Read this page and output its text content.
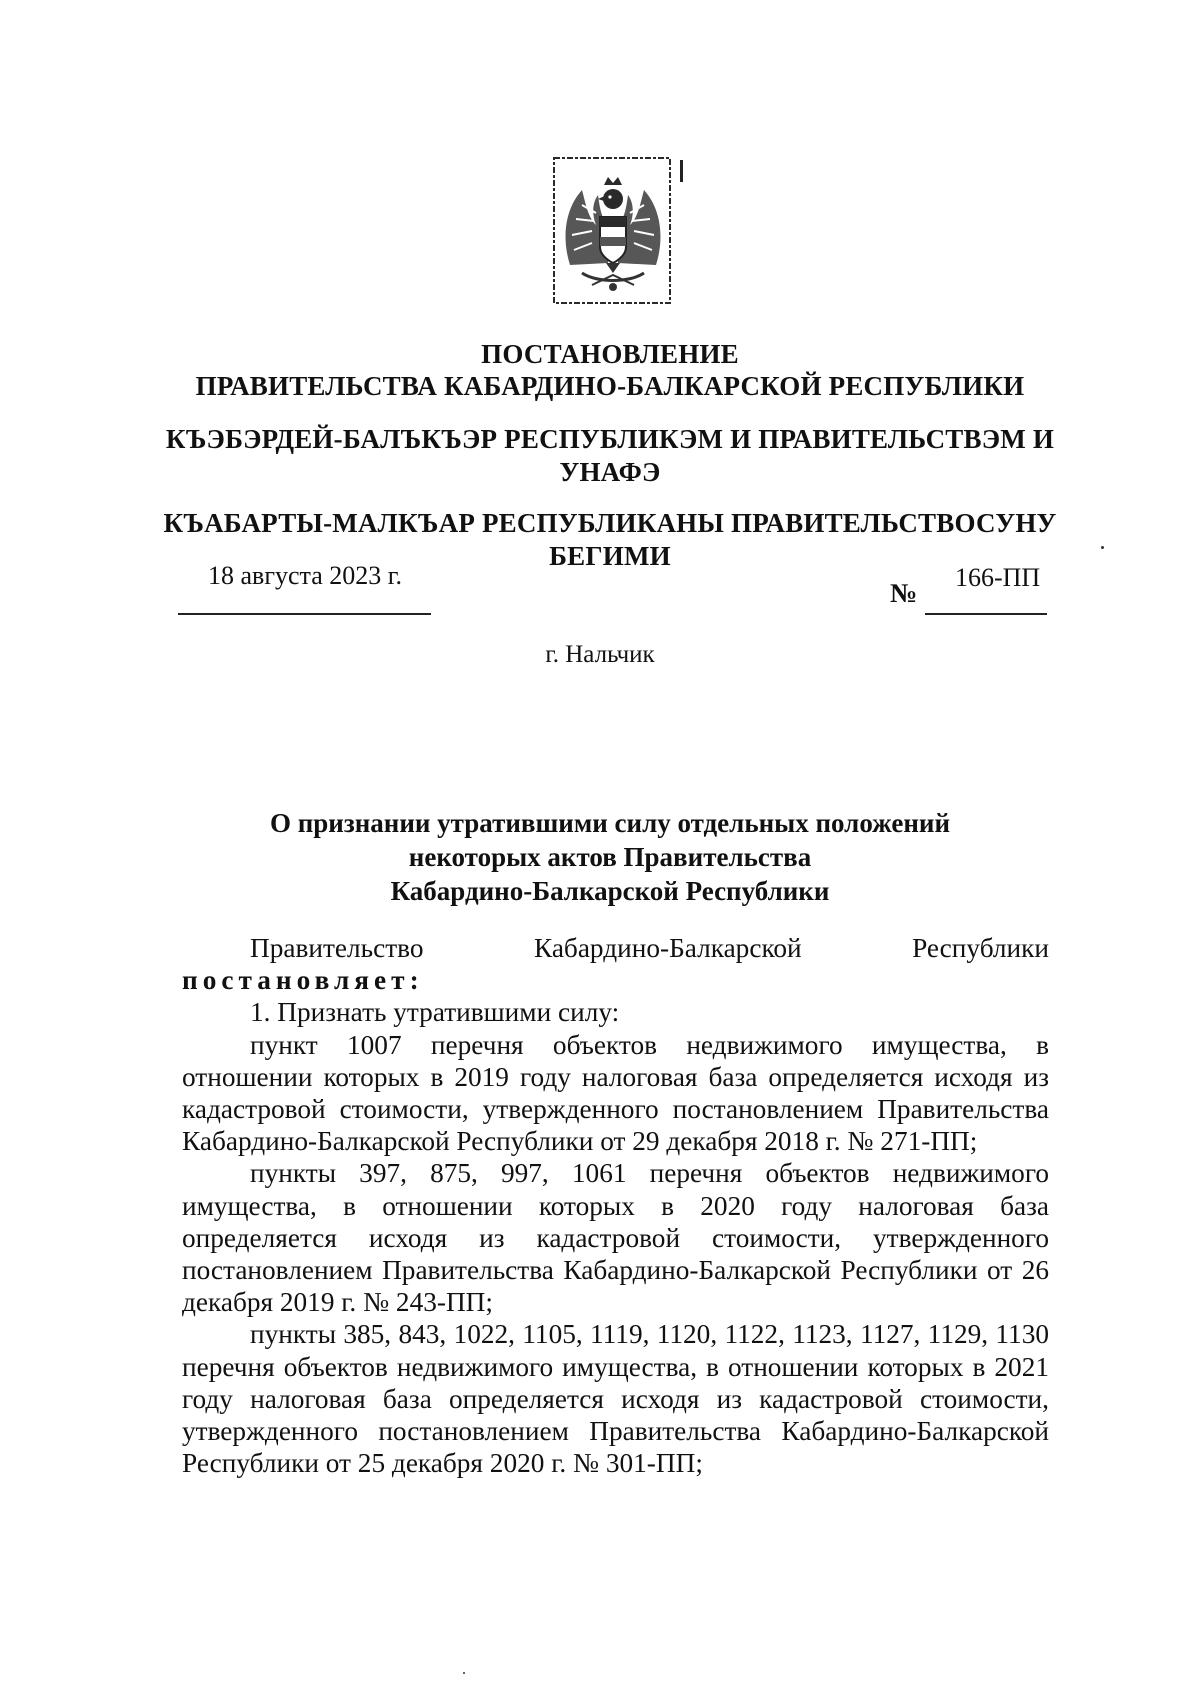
ПОСТАНОВЛЕНИЕ
ПРАВИТЕЛЬСТВА КАБАРДИНО-БАЛКАРСКОЙ РЕСПУБЛИКИ
КЪЭБЭРДЕЙ-БАЛЪКЪЭР РЕСПУБЛИКЭМ И ПРАВИТЕЛЬСТВЭМ И УНАФЭ
КЪАБАРТЫ-МАЛКЪАР РЕСПУБЛИКАНЫ ПРАВИТЕЛЬСТВОСУНУ БЕГИМИ
18 августа 2023 г.
№
166-ПП
г. Нальчик
О признании утратившими силу отдельных положений
некоторых актов Правительства
Кабардино-Балкарской Республики
Правительство	Кабардино-Балкарской	Республики

постановляет:

1. Признать утратившими силу:

пункт 1007 перечня объектов недвижимого имущества, в отношении которых в 2019 году налоговая база определяется исходя из кадастровой стоимости, утвержденного постановлением Правительства Кабардино-Балкарской Республики от 29 декабря 2018 г. № 271-ПП;

пункты 397, 875, 997, 1061 перечня объектов недвижимого имущества, в отношении которых в 2020 году налоговая база определяется исходя из кадастровой стоимости, утвержденного постановлением Правительства Кабардино-Балкарской Республики от 26 декабря 2019 г. № 243-ПП;

пункты 385, 843, 1022, 1105, 1119, 1120, 1122, 1123, 1127, 1129, 1130 перечня объектов недвижимого имущества, в отношении которых в 2021 году налоговая база определяется исходя из кадастровой стоимости, утвержденного постановлением Правительства Кабардино-Балкарской Республики от 25 декабря 2020 г. № 301-ПП;
